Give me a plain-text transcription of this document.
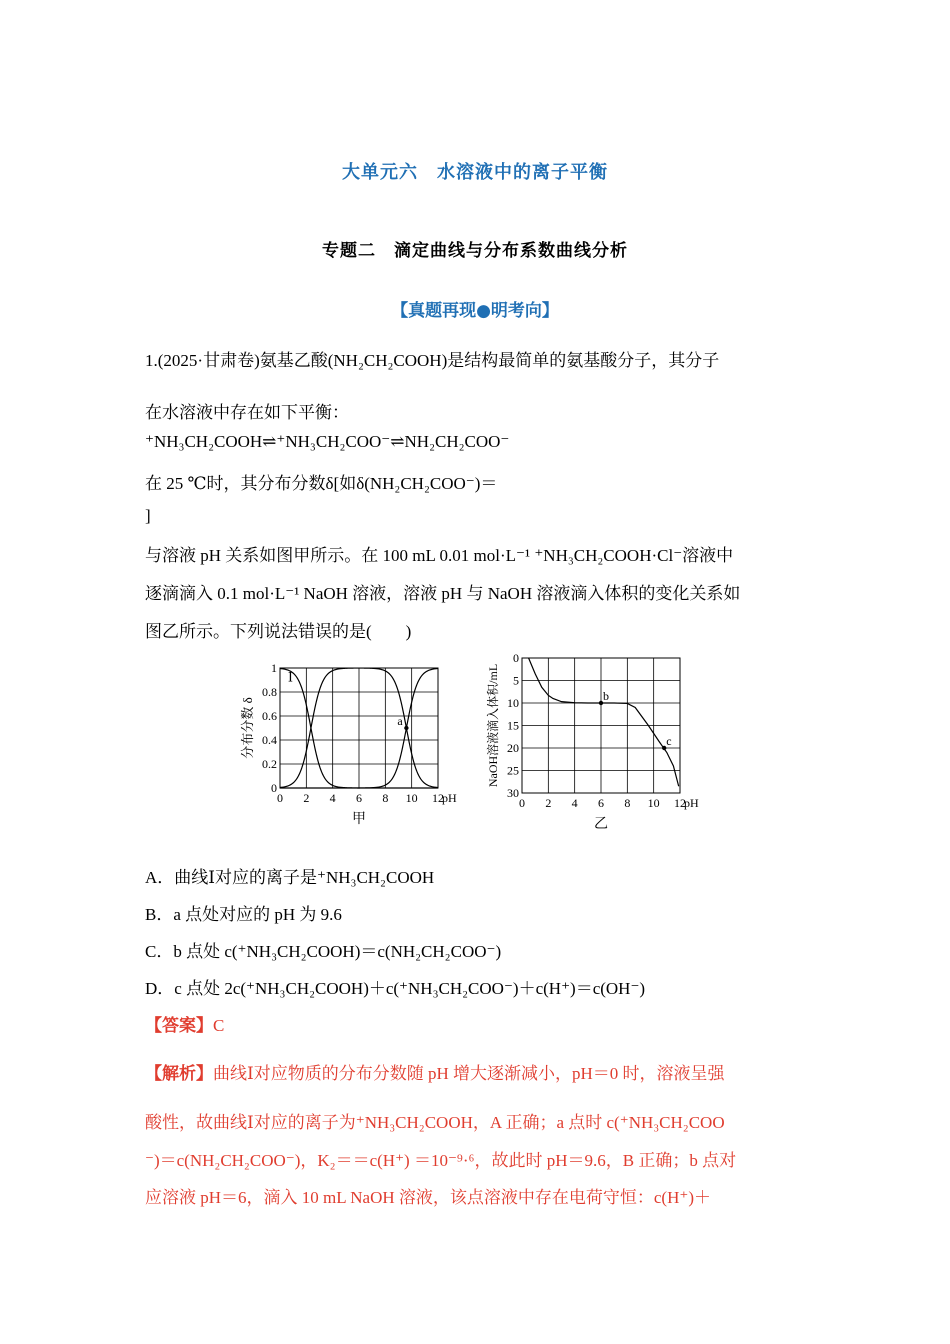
大单元六　水溶液中的离子平衡
专题二　滴定曲线与分布系数曲线分析
【真题再现●明考向】
1.(2025·甘肃卷)氨基乙酸(NH₂CH₂COOH)是结构最简单的氨基酸分子，其分子
在水溶液中存在如下平衡：
⁺NH₃CH₂COOH⇌⁺NH₃CH₂COO⁻⇌NH₂CH₂COO⁻
在 25 ℃时，其分布分数δ[如δ(NH₂CH₂COO⁻)＝
]
与溶液 pH 关系如图甲所示。在 100 mL 0.01 mol·L⁻¹ ⁺NH₃CH₂COOH·Cl⁻溶液中
逐滴滴入 0.1 mol·L⁻¹ NaOH 溶液，溶液 pH 与 NaOH 溶液滴入体积的变化关系如
图乙所示。下列说法错误的是(　　)
0 2 4 6 8 10 12
0
0.2
0.4
0.6
0.8
1
Ⅰ
a
pH
分布分数 δ
甲
0 2 4 6 8 10 12
0
5
10
15
20
25
30
b
c
pH
NaOH溶液滴入体积/mL
乙
A．曲线Ⅰ对应的离子是⁺NH₃CH₂COOH
B．a 点处对应的 pH 为 9.6
C．b 点处 c(⁺NH₃CH₂COOH)＝c(NH₂CH₂COO⁻)
D．c 点处 2c(⁺NH₃CH₂COOH)＋c(⁺NH₃CH₂COO⁻)＋c(H⁺)＝c(OH⁻)
【答案】C
【解析】曲线Ⅰ对应物质的分布分数随 pH 增大逐渐减小，pH＝0 时，溶液呈强
酸性，故曲线Ⅰ对应的离子为⁺NH₃CH₂COOH，A 正确；a 点时 c(⁺NH₃CH₂COO
⁻)＝c(NH₂CH₂COO⁻)，K₂＝＝c(H⁺) ＝10⁻⁹·⁶，故此时 pH＝9.6，B 正确；b 点对
应溶液 pH＝6，滴入 10 mL NaOH 溶液，该点溶液中存在电荷守恒：c(H⁺)＋
